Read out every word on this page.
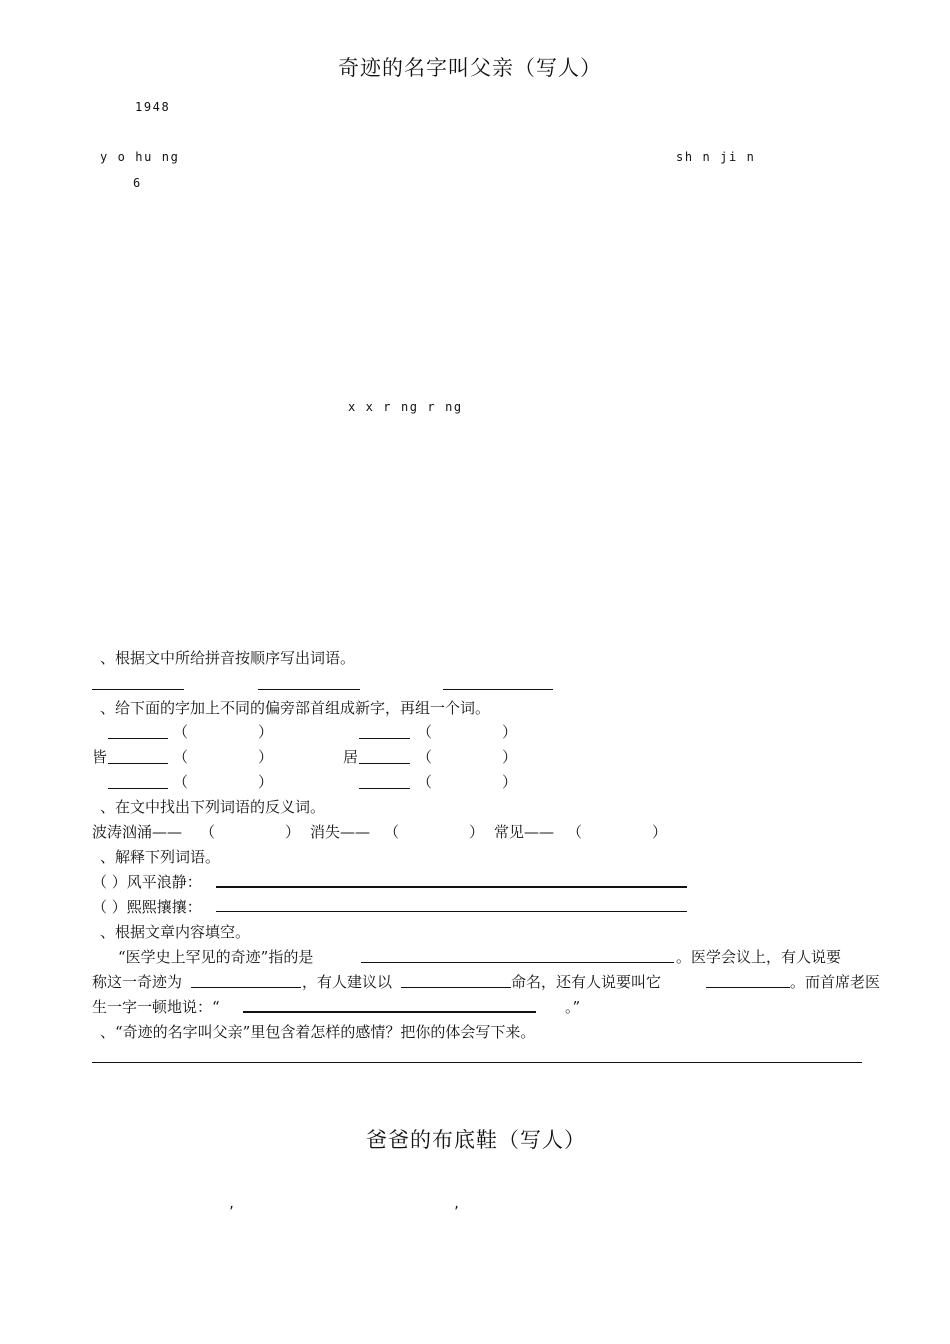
奇迹的名字叫父亲（写人）
1948
y o hu ng	sh n ji n
6
x x r ng r ng
、根据文中所给拼音按顺序写出词语。
、给下面的字加上不同的偏旁部首组成新字，再组一个词。
（	）	（	）
皆	（	）	居	（	）
（	）	（	）
、在文中找出下列词语的反义词。
波涛汹涌—— （	） 消失—— （	） 常见—— （	）
、解释下列词语。
（ ）风平浪静：
（ ）熙熙攘攘：
、根据文章内容填空。
“医学史上罕见的奇迹”指的是	。医学会议上，有人说要
称这一奇迹为	，有人建议以	命名，还有人说要叫它	。而首席老医
生一字一顿地说：“	。”
、“奇迹的名字叫父亲”里包含着怎样的感情？把你的体会写下来。
爸爸的布底鞋（写人）
,	,
